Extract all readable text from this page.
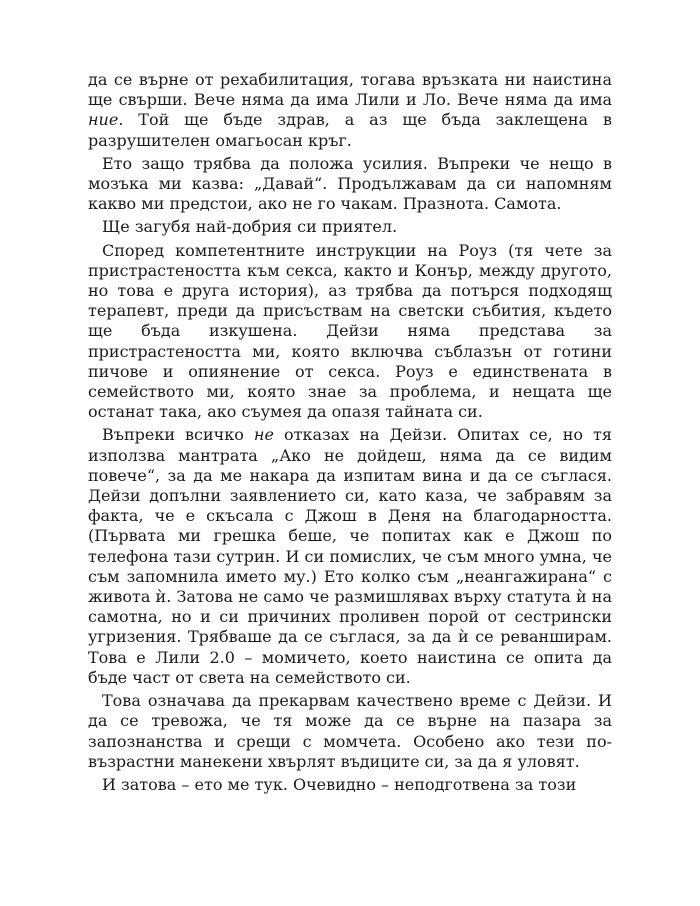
да се върне от рехабилитация, тогава връзката ни наистина ще свърши. Вече няма да има Лили и Ло. Вече няма да има ние. Той ще бъде здрав, а аз ще бъда заклещена в разрушителен омагьосан кръг.

Ето защо трябва да положа усилия. Въпреки че нещо в мозъка ми казва: „Давай“. Продължавам да си напомням какво ми предстои, ако не го чакам. Празнота. Самота.

Ще загубя най-добрия си приятел.

Според компетентните инструкции на Роуз (тя чете за пристрастеността към секса, както и Конър, между другото, но това е друга история), аз трябва да потърся подходящ терапевт, преди да присъствам на светски събития, където ще бъда изкушена. Дейзи няма представа за пристрастеността ми, която включва съблазън от готини пичове и опиянение от секса. Роуз е единствената в семейството ми, която знае за проблема, и нещата ще останат така, ако съумея да опазя тайната си.

Въпреки всичко не отказах на Дейзи. Опитах се, но тя използва мантрата „Ако не дойдеш, няма да се видим повече“, за да ме накара да изпитам вина и да се съглася. Дейзи допълни заявлението си, като каза, че забравям за факта, че е скъсала с Джош в Деня на благодарността. (Първата ми грешка беше, че попитах как е Джош по телефона тази сутрин. И си помислих, че съм много умна, че съм запомнила името му.) Ето колко съм „неангажирана“ с живота ѝ. Затова не само че размишлявах върху статута ѝ на самотна, но и си причиних проливен порой от сестрински угризения. Трябваше да се съглася, за да ѝ се реванширам. Това е Лили 2.0 – момичето, което наистина се опита да бъде част от света на семейството си.

Това означава да прекарвам качествено време с Дейзи. И да се тревожа, че тя може да се върне на пазара за запознанства и срещи с момчета. Особено ако тези по-възрастни манекени хвърлят въдиците си, за да я уловят.

И затова – ето ме тук. Очевидно – неподготвена за този
